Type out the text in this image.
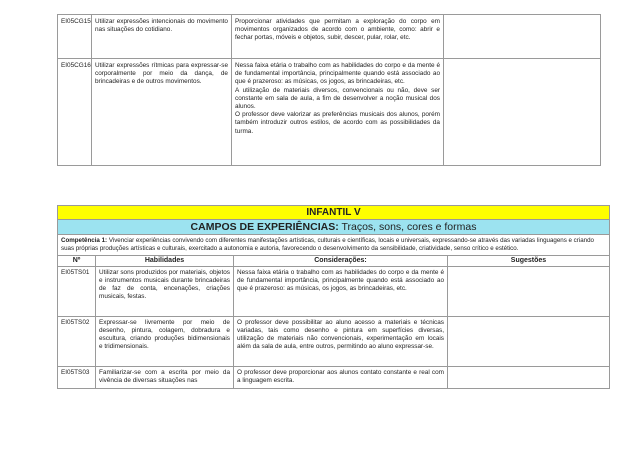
EI05CG15	Utilizar expressões intencionais do movimento nas situações do cotidiano.	Proporcionar atividades que permitam a exploração do corpo em movimentos organizados de acordo com o ambiente, como: abrir e fechar portas, móveis e objetos, subir, descer, pular, rolar, etc.	
EI05CG16	Utilizar expressões rítmicas para expressar-se corporalmente por meio da dança, de brincadeiras e de outros movimentos.	Nessa faixa etária o trabalho com as habilidades do corpo e da mente é de fundamental importância, principalmente quando está associado ao que é prazeroso: as músicas, os jogos, as brincadeiras, etc.
A utilização de materiais diversos, convencionais ou não, deve ser constante em sala de aula, a fim de desenvolver a noção musical dos alunos.
O professor deve valorizar as preferências musicais dos alunos, porém também introduzir outros estilos, de acordo com as possibilidades da turma.	

INFANTIL V			
CAMPOS DE EXPERIÊNCIAS: Traços, sons, cores e formas			
Competência 1: Vivenciar experiências convivendo com diferentes manifestações artísticas, culturais e científicas, locais e universais, expressando-se através das variadas linguagens e criando suas próprias produções artísticas e culturais, exercitado a autonomia e autoria, favorecendo o desenvolvimento da sensibilidade, criatividade, senso crítico e estético.			
Nº	Habilidades	Considerações:	Sugestões
EI05TS01	Utilizar sons produzidos por materiais, objetos e instrumentos musicais durante brincadeiras de faz de conta, encenações, criações musicais, festas.	Nessa faixa etária o trabalho com as habilidades do corpo e da mente é de fundamental importância, principalmente quando está associado ao que é prazeroso: as músicas, os jogos, as brincadeiras, etc.	
EI05TS02	Expressar-se livremente por meio de desenho, pintura, colagem, dobradura e escultura, criando produções bidimensionais e tridimensionais.	O professor deve possibilitar ao aluno acesso a materiais e técnicas variadas, tais como desenho e pintura em superfícies diversas, utilização de materiais não convencionais, experimentação em locais além da sala de aula, entre outros, permitindo ao aluno expressar-se.	
EI05TS03	Familiarizar-se com a escrita por meio da vivência de diversas situações nas	O professor deve proporcionar aos alunos contato constante e real com a linguagem escrita.	
